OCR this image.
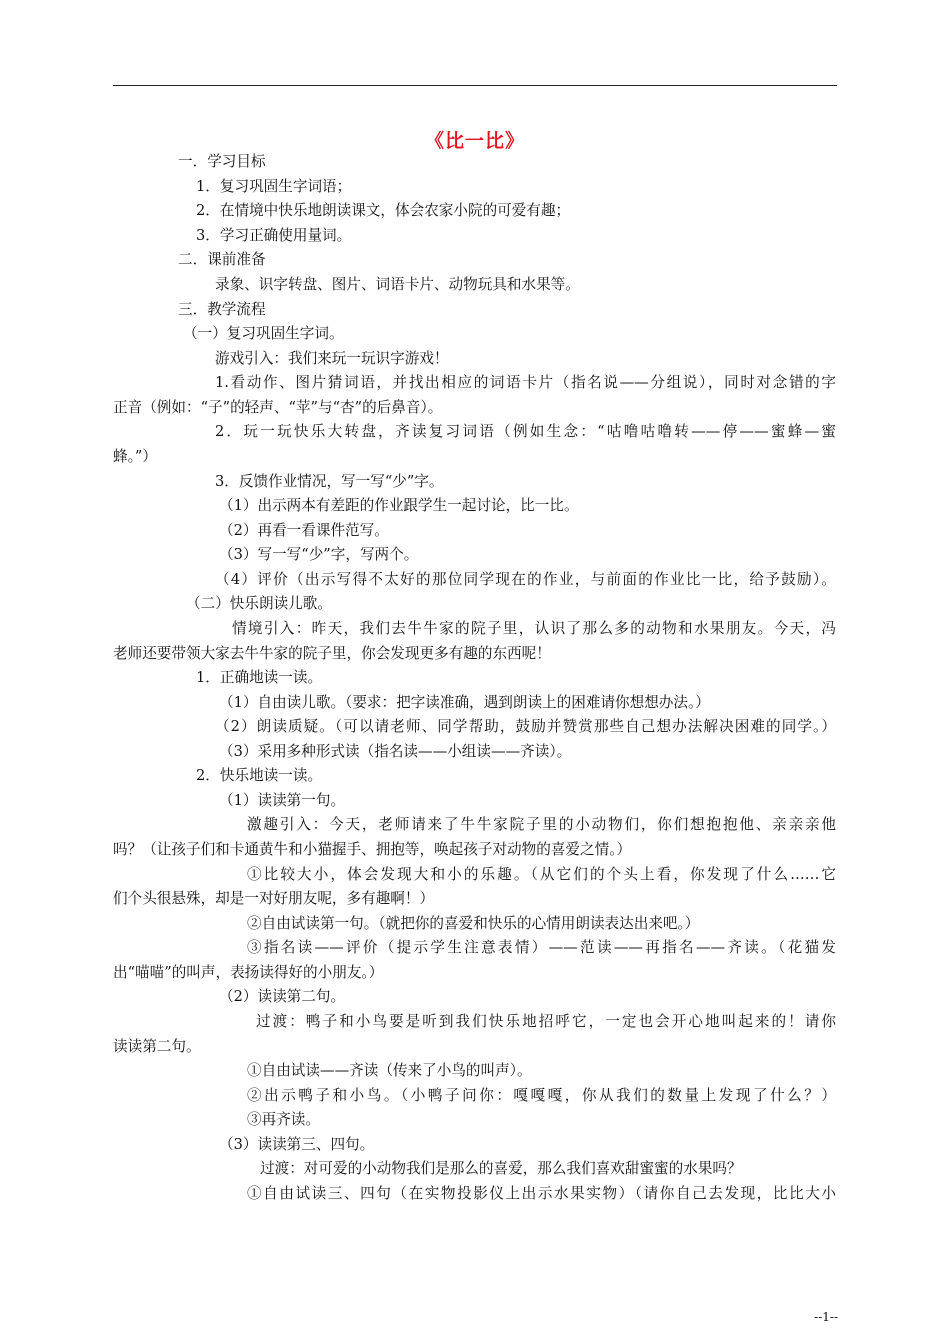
《比一比》
一．学习目标
1．复习巩固生字词语；
2．在情境中快乐地朗读课文，体会农家小院的可爱有趣；
3．学习正确使用量词。
二．课前准备
录象、识字转盘、图片、词语卡片、动物玩具和水果等。
三．教学流程
（一）复习巩固生字词。
游戏引入：我们来玩一玩识字游戏！
1.看动作、图片猜词语，并找出相应的词语卡片（指名说——分组说），同时对念错的字
正音（例如：“子”的轻声、“苹”与“杏”的后鼻音）。
2．玩一玩快乐大转盘，齐读复习词语（例如生念：“咕噜咕噜转——停——蜜蜂—蜜
蜂。”）
3．反馈作业情况，写一写“少”字。
（1）出示两本有差距的作业跟学生一起讨论，比一比。
（2）再看一看课件范写。
（3）写一写“少”字，写两个。
（4）评价（出示写得不太好的那位同学现在的作业，与前面的作业比一比，给予鼓励）。
（二）快乐朗读儿歌。
情境引入：昨天，我们去牛牛家的院子里，认识了那么多的动物和水果朋友。今天，冯
老师还要带领大家去牛牛家的院子里，你会发现更多有趣的东西呢！
1．正确地读一读。
（1）自由读儿歌。（要求：把字读准确，遇到朗读上的困难请你想想办法。）
（2）朗读质疑。（可以请老师、同学帮助，鼓励并赞赏那些自己想办法解决困难的同学。）
（3）采用多种形式读（指名读——小组读——齐读）。
2．快乐地读一读。
（1）读读第一句。
激趣引入：今天，老师请来了牛牛家院子里的小动物们，你们想抱抱他、亲亲亲他
吗？（让孩子们和卡通黄牛和小猫握手、拥抱等，唤起孩子对动物的喜爱之情。）
①比较大小，体会发现大和小的乐趣。（从它们的个头上看，你发现了什么……它
们个头很悬殊，却是一对好朋友呢，多有趣啊！）
②自由试读第一句。（就把你的喜爱和快乐的心情用朗读表达出来吧。）
③指名读——评价（提示学生注意表情）——范读——再指名——齐读。（花猫发
出“喵喵”的叫声，表扬读得好的小朋友。）
（2）读读第二句。
过渡：鸭子和小鸟要是听到我们快乐地招呼它，一定也会开心地叫起来的！请你
读读第二句。
①自由试读——齐读（传来了小鸟的叫声）。
②出示鸭子和小鸟。（小鸭子问你：嘎嘎嘎，你从我们的数量上发现了什么？）
③再齐读。
（3）读读第三、四句。
过渡：对可爱的小动物我们是那么的喜爱，那么我们喜欢甜蜜蜜的水果吗？
①自由试读三、四句（在实物投影仪上出示水果实物）（请你自己去发现，比比大小
--1--
